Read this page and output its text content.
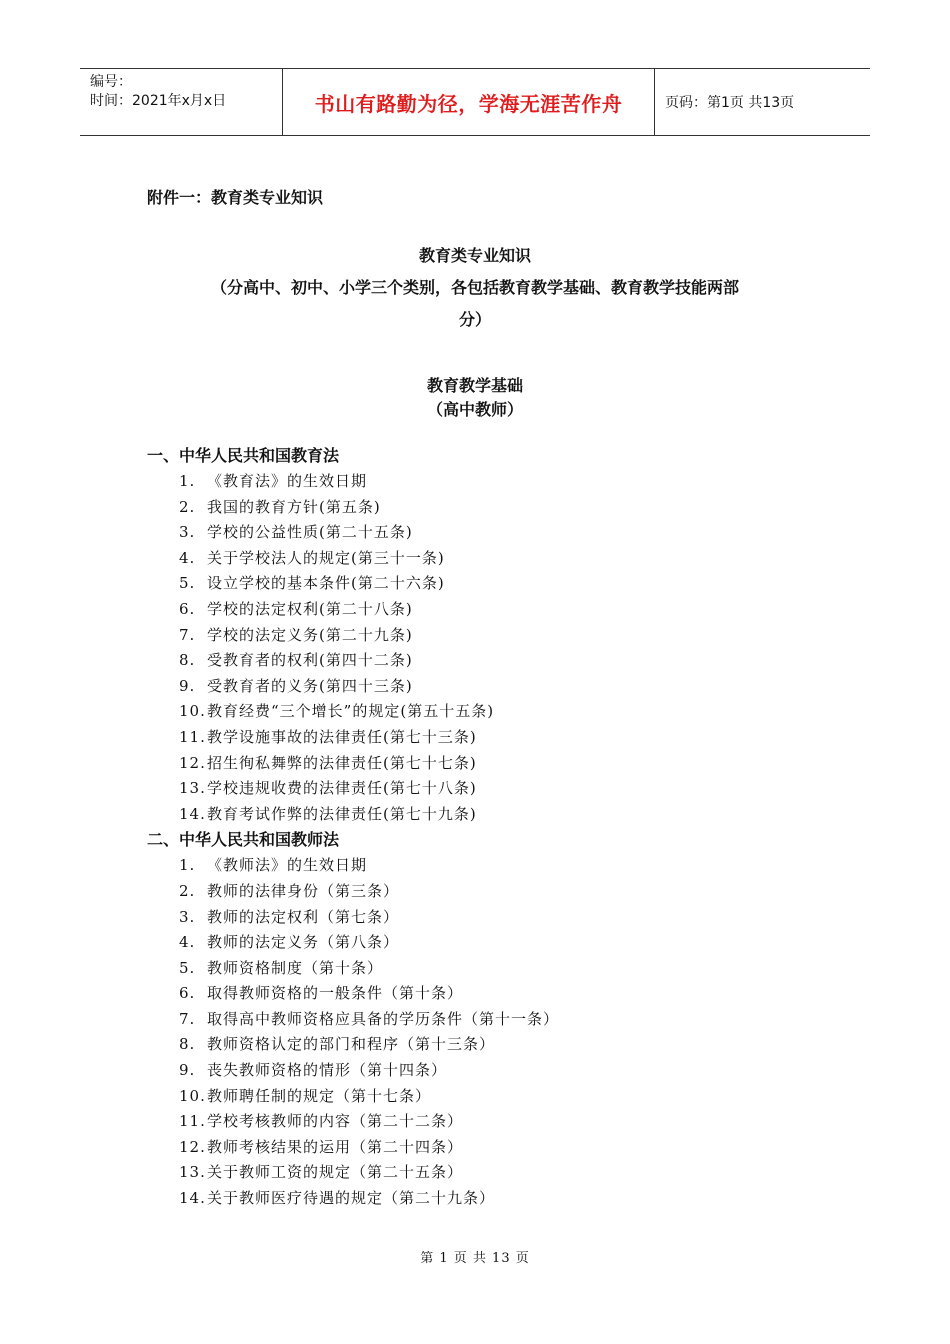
编号：
时间：2021年x月x日	书山有路勤为径，学海无涯苦作舟	页码：第1页 共13页
附件一：教育类专业知识
教育类专业知识
（分高中、初中、小学三个类别，各包括教育教学基础、教育教学技能两部
分）
教育教学基础
（高中教师）
一、中华人民共和国教育法
1. 《教育法》的生效日期
2. 我国的教育方针(第五条)
3. 学校的公益性质(第二十五条)
4. 关于学校法人的规定(第三十一条)
5. 设立学校的基本条件(第二十六条)
6. 学校的法定权利(第二十八条)
7. 学校的法定义务(第二十九条)
8. 受教育者的权利(第四十二条)
9. 受教育者的义务(第四十三条)
10.教育经费“三个增长”的规定(第五十五条)
11.教学设施事故的法律责任(第七十三条)
12.招生徇私舞弊的法律责任(第七十七条)
13.学校违规收费的法律责任(第七十八条)
14.教育考试作弊的法律责任(第七十九条)
二、中华人民共和国教师法
1. 《教师法》的生效日期
2. 教师的法律身份（第三条）
3. 教师的法定权利（第七条）
4. 教师的法定义务（第八条）
5. 教师资格制度（第十条）
6. 取得教师资格的一般条件（第十条）
7. 取得高中教师资格应具备的学历条件（第十一条）
8. 教师资格认定的部门和程序（第十三条）
9. 丧失教师资格的情形（第十四条）
10.教师聘任制的规定（第十七条）
11.学校考核教师的内容（第二十二条）
12.教师考核结果的运用（第二十四条）
13.关于教师工资的规定（第二十五条）
14.关于教师医疗待遇的规定（第二十九条）
第 1 页 共 13 页
